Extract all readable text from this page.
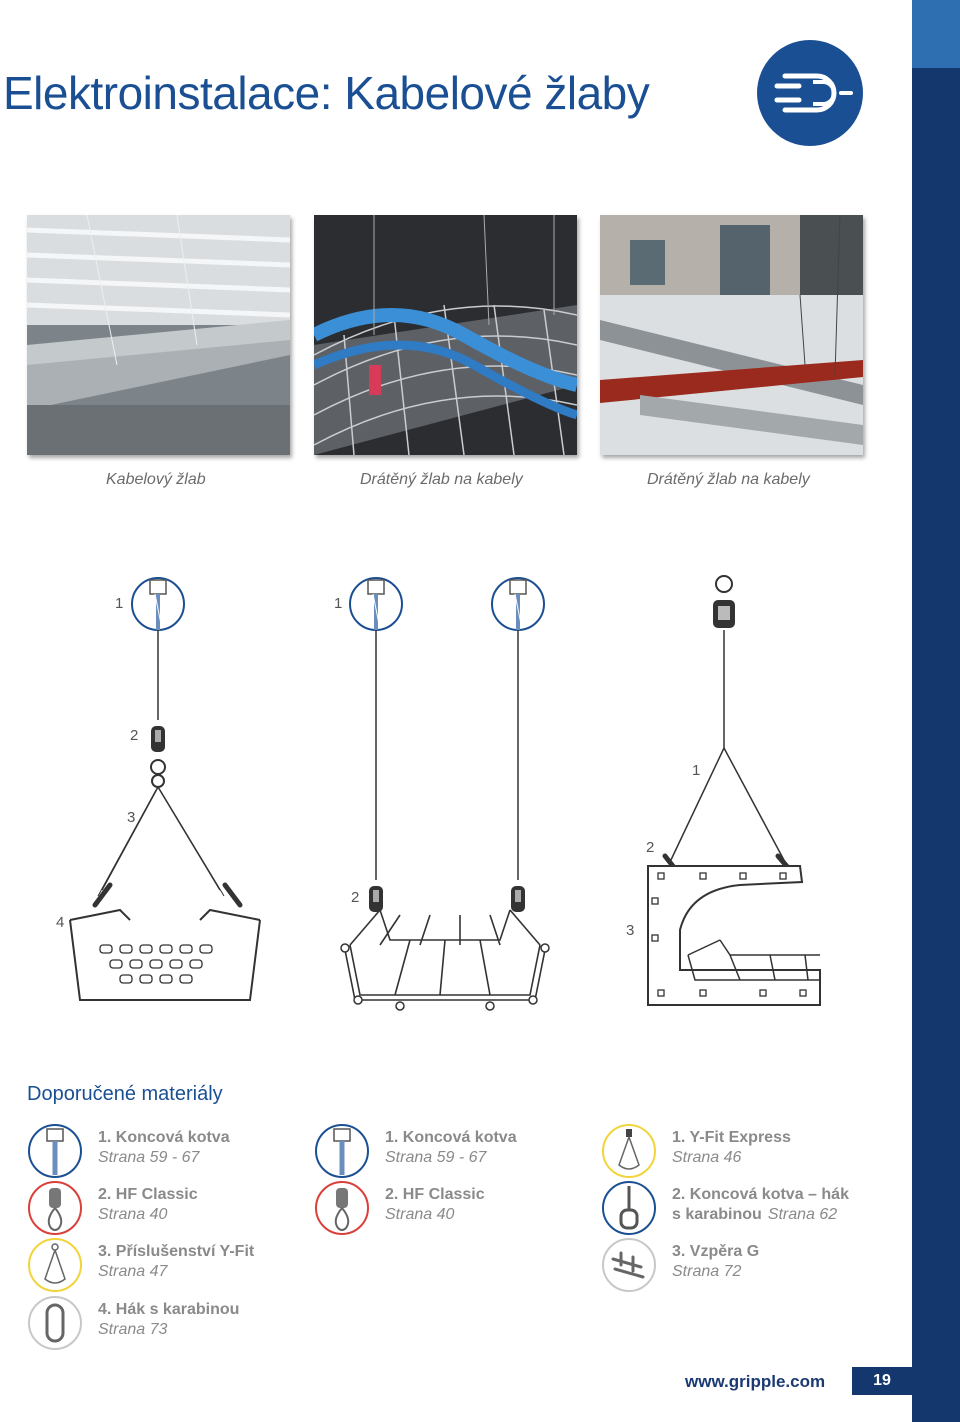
Elektroinstalace: Kabelové žlaby
Kabelový žlab	Drátěný žlab na kabely	Drátěný žlab na kabely
1
2
3
4
1
2
1
2
3
Doporučené materiály
1. Koncová kotva
Strana 59 - 67
2. HF Classic
Strana 40
3. Příslušenství Y-Fit
Strana 47
4. Hák s karabinou
Strana 73
1. Koncová kotva
Strana 59 - 67
2. HF Classic
Strana 40
1. Y-Fit Express
Strana 46
2. Koncová kotva – hák
s karabinou Strana 62
3. Vzpěra G
Strana 72
www.gripple.com	19
